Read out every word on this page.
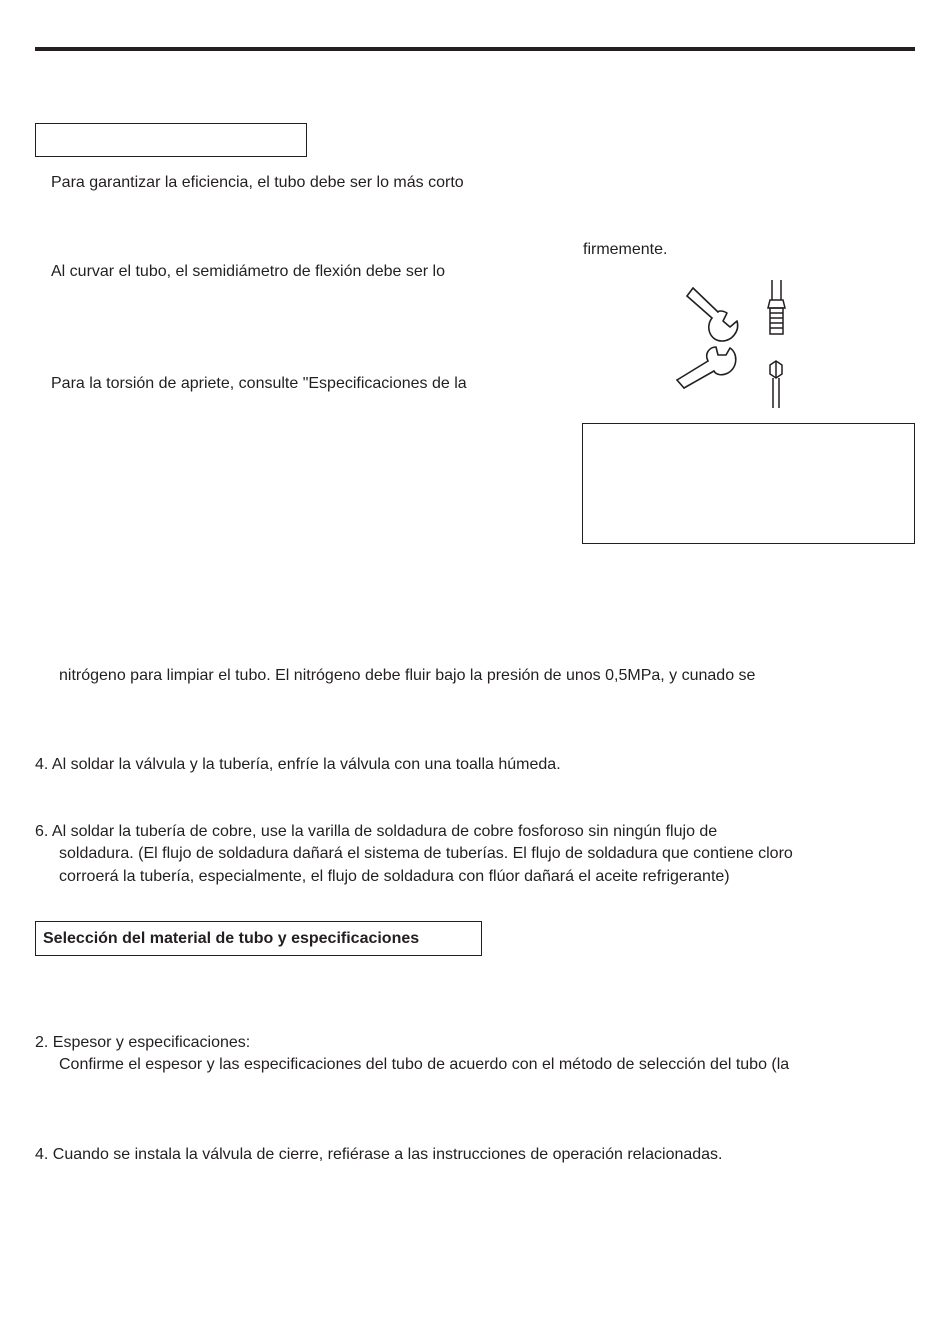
Para garantizar la eficiencia, el tubo debe ser lo más corto
Al curvar el tubo, el semidiámetro de flexión debe ser lo
Para la torsión de apriete, consulte "Especificaciones de la
firmemente.
nitrógeno para limpiar el tubo. El nitrógeno debe fluir bajo la presión de unos 0,5MPa, y cunado se
4. Al soldar la válvula y la tubería, enfríe la válvula con una toalla húmeda.
6. Al soldar la tubería de cobre, use la varilla de soldadura de cobre fosforoso sin ningún flujo de
soldadura. (El flujo de soldadura dañará el sistema de tuberías. El flujo de soldadura que contiene cloro
corroerá la tubería, especialmente, el flujo de soldadura con flúor dañará el aceite refrigerante)
Selección del material de tubo y especificaciones
2. Espesor y especificaciones:
Confirme el espesor y las especificaciones del tubo de acuerdo con el método de selección del tubo (la
4. Cuando se instala la válvula de cierre, refiérase a las instrucciones de operación relacionadas.
